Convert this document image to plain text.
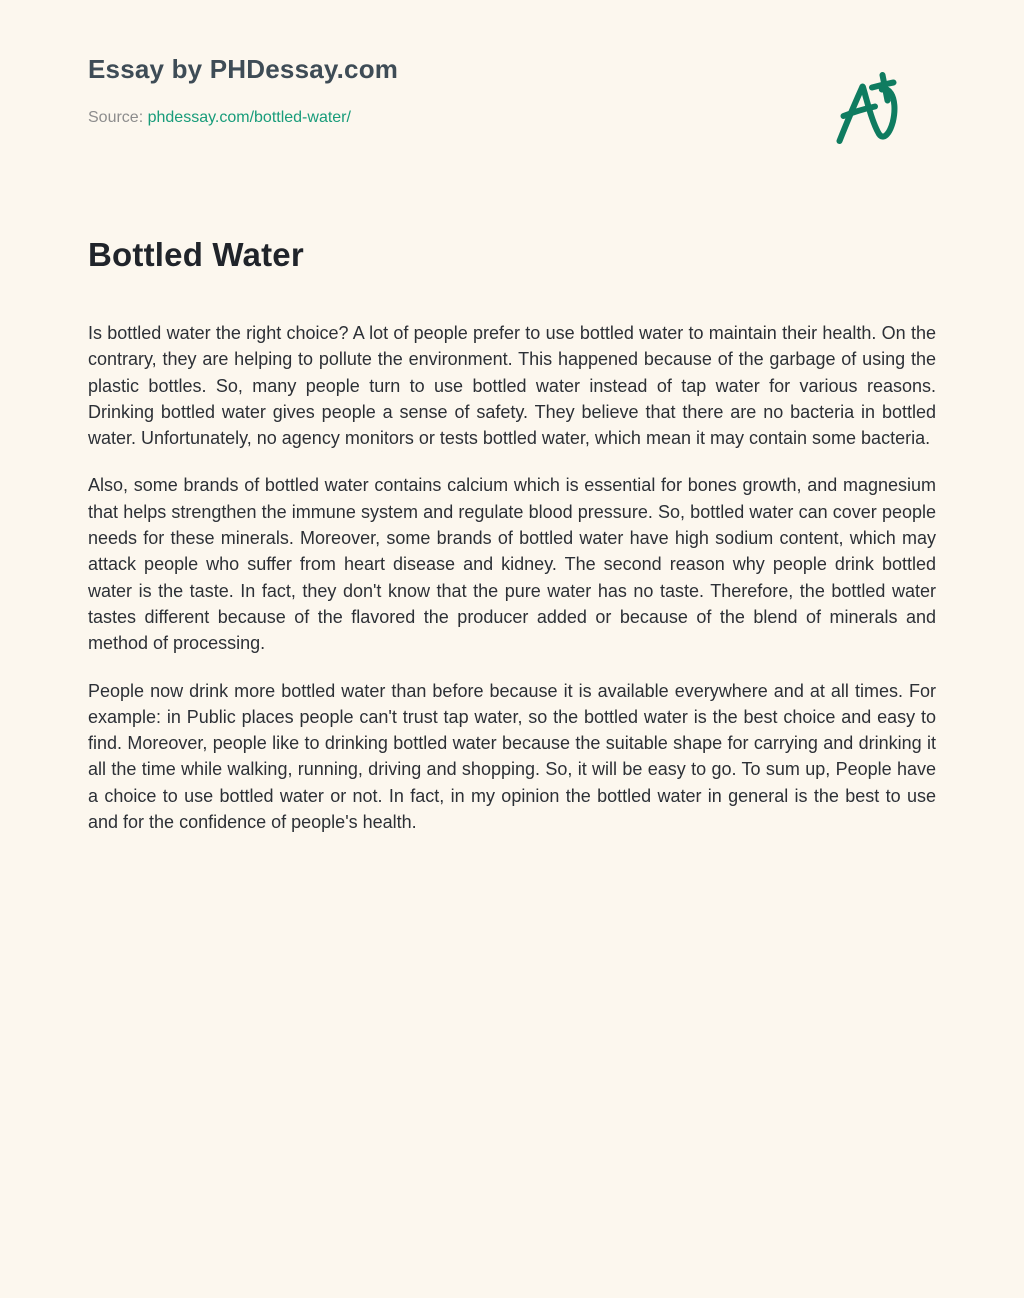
Essay by PHDessay.com
Source: phdessay.com/bottled-water/
Bottled Water

Is bottled water the right choice? A lot of people prefer to use bottled water to maintain their health. On the contrary, they are helping to pollute the environment. This happened because of the garbage of using the plastic bottles. So, many people turn to use bottled water instead of tap water for various reasons. Drinking bottled water gives people a sense of safety. They believe that there are no bacteria in bottled water. Unfortunately, no agency monitors or tests bottled water, which mean it may contain some bacteria.

Also, some brands of bottled water contains calcium which is essential for bones growth, and magnesium that helps strengthen the immune system and regulate blood pressure. So, bottled water can cover people needs for these minerals. Moreover, some brands of bottled water have high sodium content, which may attack people who suffer from heart disease and kidney. The second reason why people drink bottled water is the taste. In fact, they don't know that the pure water has no taste. Therefore, the bottled water tastes different because of the flavored the producer added or because of the blend of minerals and method of processing.

People now drink more bottled water than before because it is available everywhere and at all times. For example: in Public places people can't trust tap water, so the bottled water is the best choice and easy to find. Moreover, people like to drinking bottled water because the suitable shape for carrying and drinking it all the time while walking, running, driving and shopping. So, it will be easy to go. To sum up, People have a choice to use bottled water or not. In fact, in my opinion the bottled water in general is the best to use and for the confidence of people's health.
